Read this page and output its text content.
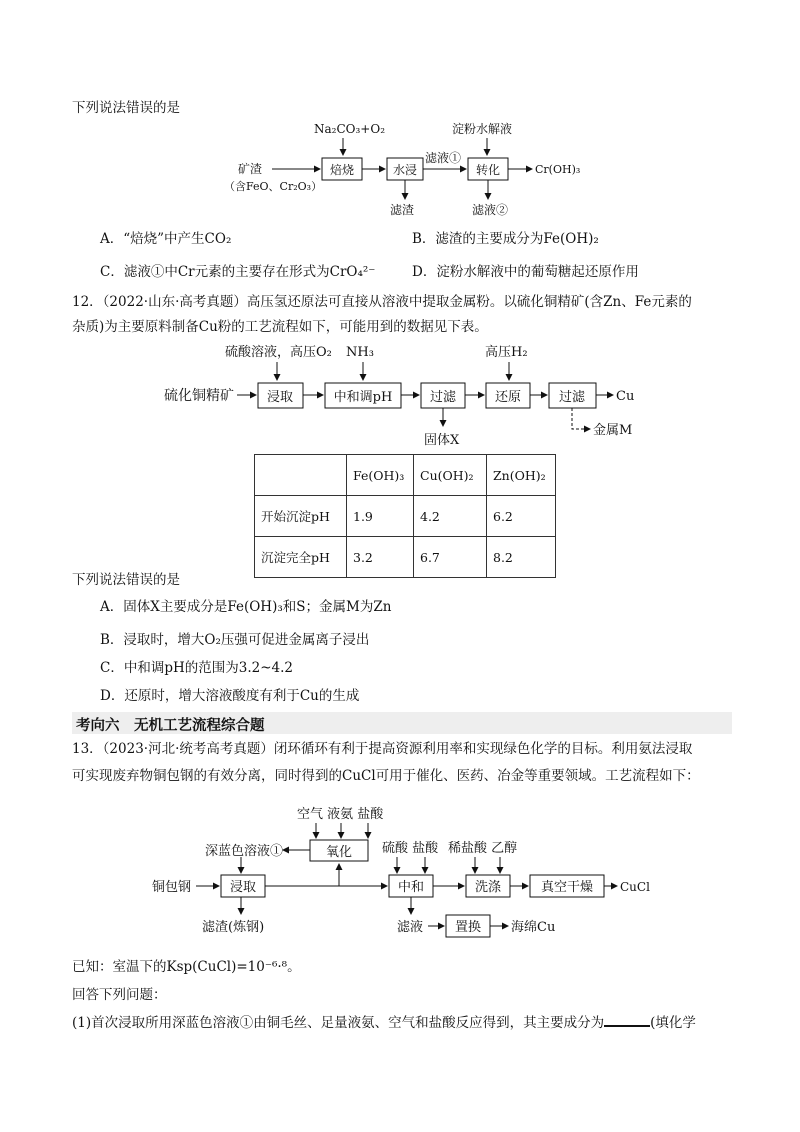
下列说法错误的是
Na₂CO₃+O₂
矿渣
（含FeO、Cr₂O₃）
焙烧	水浸
滤液①
滤渣
淀粉水解液
转化	Cr(OH)₃
滤液②
硫酸溶液，高压O₂ NH₃	高压H₂
硫化铜精矿	浸取	中和调pH	过滤
固体X
还原	过滤 Cu
金属M
空气 液氨 盐酸
氧化
深蓝色溶液①
铜包钢	浸取
滤渣(炼钢)
硫酸 盐酸
中和
稀盐酸 乙醇
洗涤	真空干燥 CuCl
滤液 置换 海绵Cu
A．“焙烧”中产生CO₂	B．滤渣的主要成分为Fe(OH)₂
C．滤液①中Cr元素的主要存在形式为CrO₄²⁻	D．淀粉水解液中的葡萄糖起还原作用
12．（2022·山东·高考真题）高压氢还原法可直接从溶液中提取金属粉。以硫化铜精矿(含Zn、Fe元素的
杂质)为主要原料制备Cu粉的工艺流程如下，可能用到的数据见下表。
	Fe(OH)₃	Cu(OH)₂	Zn(OH)₂
开始沉淀pH	1.9	4.2	6.2
沉淀完全pH	3.2	6.7	8.2
下列说法错误的是
A．固体X主要成分是Fe(OH)₃和S；金属M为Zn
B．浸取时，增大O₂压强可促进金属离子浸出
C．中和调pH的范围为3.2~4.2
D．还原时，增大溶液酸度有利于Cu的生成
考向六　无机工艺流程综合题
13．（2023·河北·统考高考真题）闭环循环有利于提高资源利用率和实现绿色化学的目标。利用氨法浸取
可实现废弃物铜包钢的有效分离，同时得到的CuCl可用于催化、医药、冶金等重要领域。工艺流程如下：
已知：室温下的Ksp(CuCl)=10⁻⁶·⁸。
回答下列问题：
(1)首次浸取所用深蓝色溶液①由铜毛丝、足量液氨、空气和盐酸反应得到，其主要成分为	(填化学
